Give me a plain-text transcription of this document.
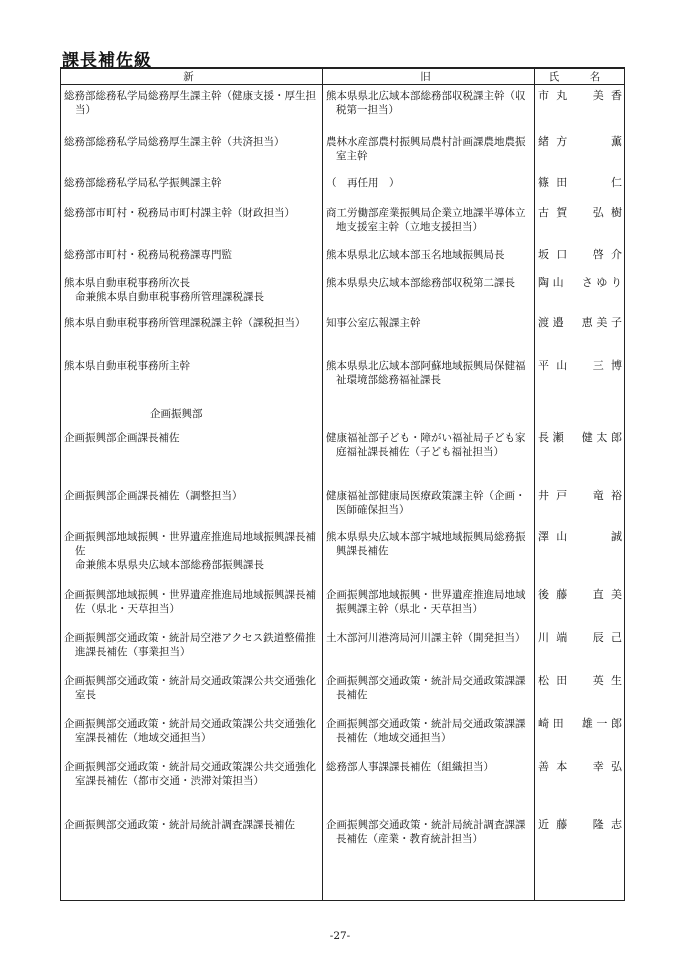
課長補佐級
新	旧	氏　名

総務部総務私学局総務厚生課主幹（健康支援・厚生担当）	熊本県県北広域本部総務部収税課主幹（収税第一担当）	市丸　美香

総務部総務私学局総務厚生課主幹（共済担当）	農林水産部農村振興局農村計画課農地農振室主幹	緒方　　薫

総務部総務私学局私学振興課主幹	（　再任用　）	篠田　　仁

総務部市町村・税務局市町村課主幹（財政担当）	商工労働部産業振興局企業立地課半導体立地支援室主幹（立地支援担当）	古賀　弘樹

総務部市町村・税務局税務課専門監	熊本県県北広域本部玉名地域振興局長	坂口　啓介

熊本県自動車税事務所次長
命兼熊本県自動車税事務所管理課税課長	熊本県県央広域本部総務部収税第二課長	陶山　さゆり

熊本県自動車税事務所管理課税課主幹（課税担当）	知事公室広報課主幹	渡邉　恵美子

熊本県自動車税事務所主幹	熊本県県北広域本部阿蘇地域振興局保健福祉環境部総務福祉課長	平山　三博

企画振興部		

企画振興部企画課長補佐	健康福祉部子ども・障がい福祉局子ども家庭福祉課長補佐（子ども福祉担当）	長瀬　健太郎

企画振興部企画課長補佐（調整担当）	健康福祉部健康局医療政策課主幹（企画・医師確保担当）	井戸　竜裕

企画振興部地域振興・世界遺産推進局地域振興課長補佐
命兼熊本県県央広域本部総務部振興課長	熊本県県央広域本部宇城地域振興局総務振興課長補佐	澤山　　誠

企画振興部地域振興・世界遺産推進局地域振興課長補佐（県北・天草担当）	企画振興部地域振興・世界遺産推進局地域振興課主幹（県北・天草担当）	後藤　直美

企画振興部交通政策・統計局空港アクセス鉄道整備推進課長補佐（事業担当）	土木部河川港湾局河川課主幹（開発担当）	川端　辰己

企画振興部交通政策・統計局交通政策課公共交通強化室長	企画振興部交通政策・統計局交通政策課課長補佐	松田　英生

企画振興部交通政策・統計局交通政策課公共交通強化室課長補佐（地域交通担当）	企画振興部交通政策・統計局交通政策課課長補佐（地域交通担当）	崎田　雄一郎

企画振興部交通政策・統計局交通政策課公共交通強化室課長補佐（都市交通・渋滞対策担当）	総務部人事課課長補佐（組織担当）	善本　幸弘

企画振興部交通政策・統計局統計調査課課長補佐	企画振興部交通政策・統計局統計調査課課長補佐（産業・教育統計担当）	近藤　隆志
-27-
